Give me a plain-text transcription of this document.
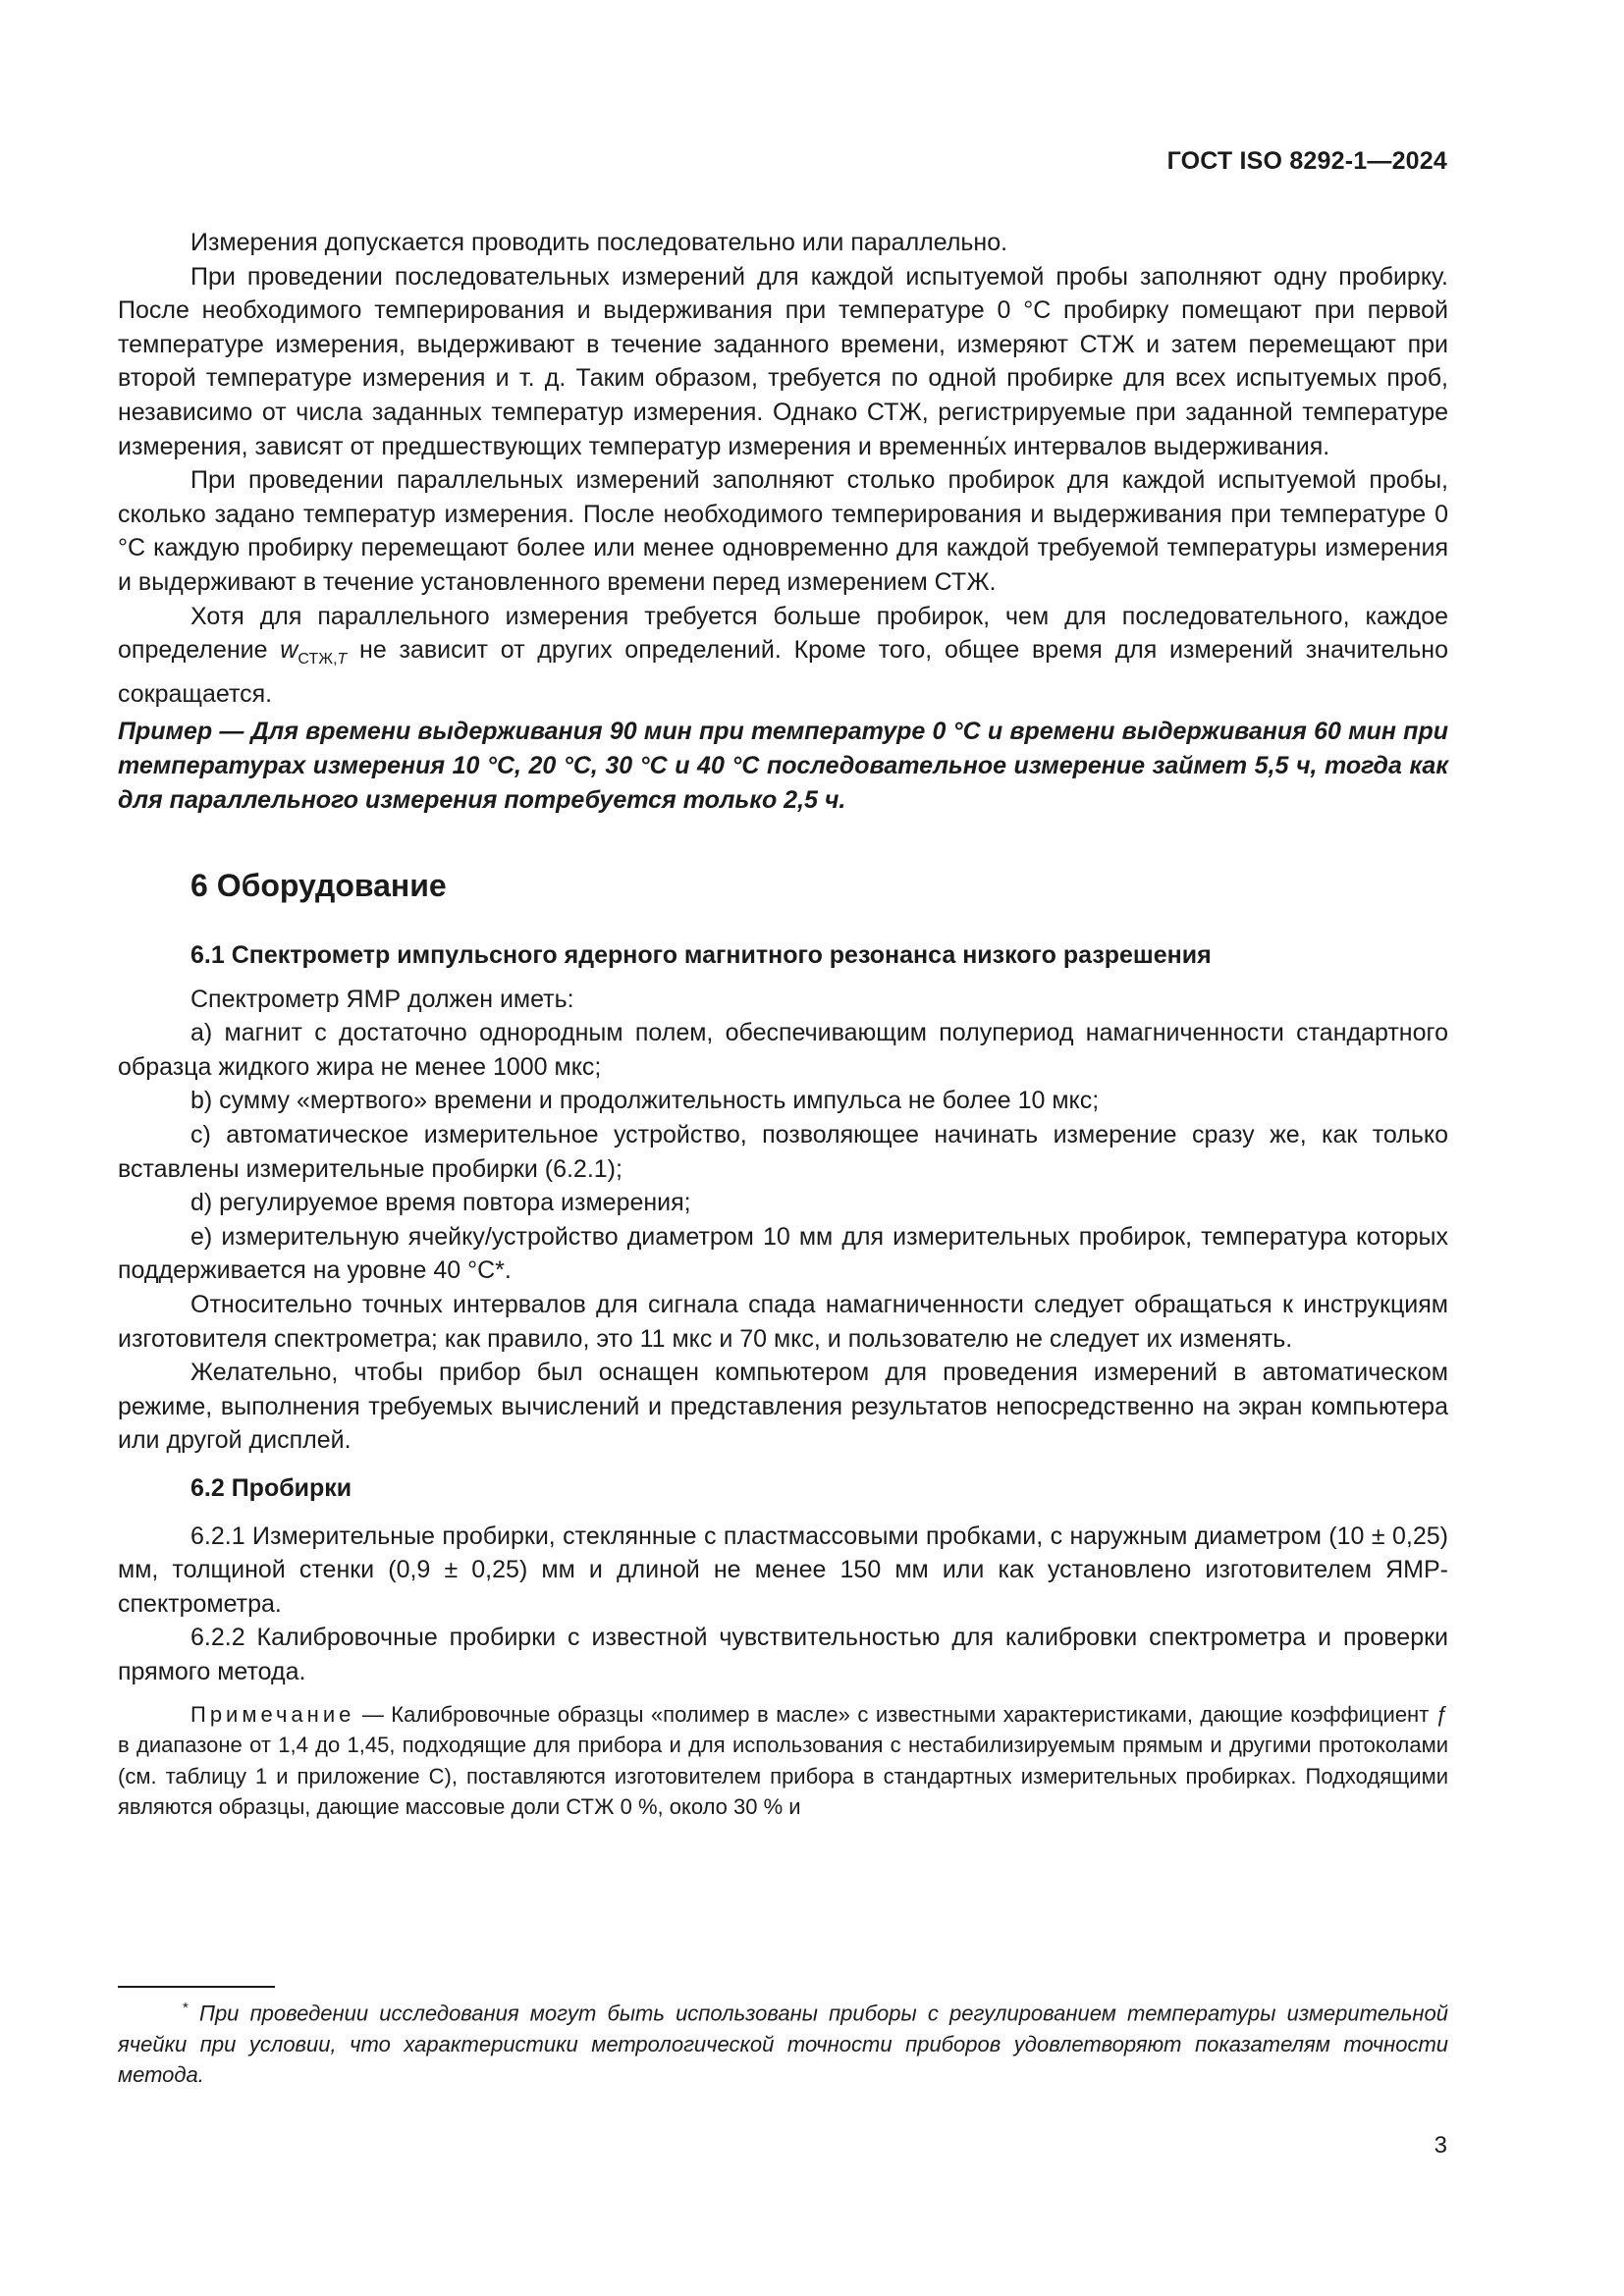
ГОСТ ISO 8292-1—2024

Измерения допускается проводить последовательно или параллельно.

При проведении последовательных измерений для каждой испытуемой пробы заполняют одну пробирку. После необходимого темперирования и выдерживания при температуре 0 °С пробирку помещают при первой температуре измерения, выдерживают в течение заданного времени, измеряют СТЖ и затем перемещают при второй температуре измерения и т. д. Таким образом, требуется по одной пробирке для всех испытуемых проб, независимо от числа заданных температур измерения. Однако СТЖ, регистрируемые при заданной температуре измерения, зависят от предшествующих температур измерения и временны́х интервалов выдерживания.

При проведении параллельных измерений заполняют столько пробирок для каждой испытуемой пробы, сколько задано температур измерения. После необходимого темперирования и выдерживания при температуре 0 °С каждую пробирку перемещают более или менее одновременно для каждой требуемой температуры измерения и выдерживают в течение установленного времени перед измерением СТЖ.

Хотя для параллельного измерения требуется больше пробирок, чем для последовательного, каждое определение $w_{СТЖ,T}$ не зависит от других определений. Кроме того, общее время для измерений значительно сокращается.

Пример — Для времени выдерживания 90 мин при температуре 0 °С и времени выдерживания 60 мин при температурах измерения 10 °С, 20 °С, 30 °С и 40 °С последовательное измерение займет 5,5 ч, тогда как для параллельного измерения потребуется только 2,5 ч.

6 Оборудование

6.1 Спектрометр импульсного ядерного магнитного резонанса низкого разрешения

Спектрометр ЯМР должен иметь:

a) магнит с достаточно однородным полем, обеспечивающим полупериод намагниченности стандартного образца жидкого жира не менее 1000 мкс;

b) сумму «мертвого» времени и продолжительность импульса не более 10 мкс;

c) автоматическое измерительное устройство, позволяющее начинать измерение сразу же, как только вставлены измерительные пробирки (6.2.1);

d) регулируемое время повтора измерения;

e) измерительную ячейку/устройство диаметром 10 мм для измерительных пробирок, температура которых поддерживается на уровне 40 °С*.

Относительно точных интервалов для сигнала спада намагниченности следует обращаться к инструкциям изготовителя спектрометра; как правило, это 11 мкс и 70 мкс, и пользователю не следует их изменять.

Желательно, чтобы прибор был оснащен компьютером для проведения измерений в автоматическом режиме, выполнения требуемых вычислений и представления результатов непосредственно на экран компьютера или другой дисплей.

6.2 Пробирки

6.2.1 Измерительные пробирки, стеклянные с пластмассовыми пробками, с наружным диаметром (10 ± 0,25) мм, толщиной стенки (0,9 ± 0,25) мм и длиной не менее 150 мм или как установлено изготовителем ЯМР-спектрометра.

6.2.2 Калибровочные пробирки с известной чувствительностью для калибровки спектрометра и проверки прямого метода.

Примечание — Калибровочные образцы «полимер в масле» с известными характеристиками, дающие коэффициент ƒ в диапазоне от 1,4 до 1,45, подходящие для прибора и для использования с нестабилизируемым прямым и другими протоколами (см. таблицу 1 и приложение С), поставляются изготовителем прибора в стандартных измерительных пробирках. Подходящими являются образцы, дающие массовые доли СТЖ 0 %, около 30 % и

* При проведении исследования могут быть использованы приборы с регулированием температуры измерительной ячейки при условии, что характеристики метрологической точности приборов удовлетворяют показателям точности метода.
3
